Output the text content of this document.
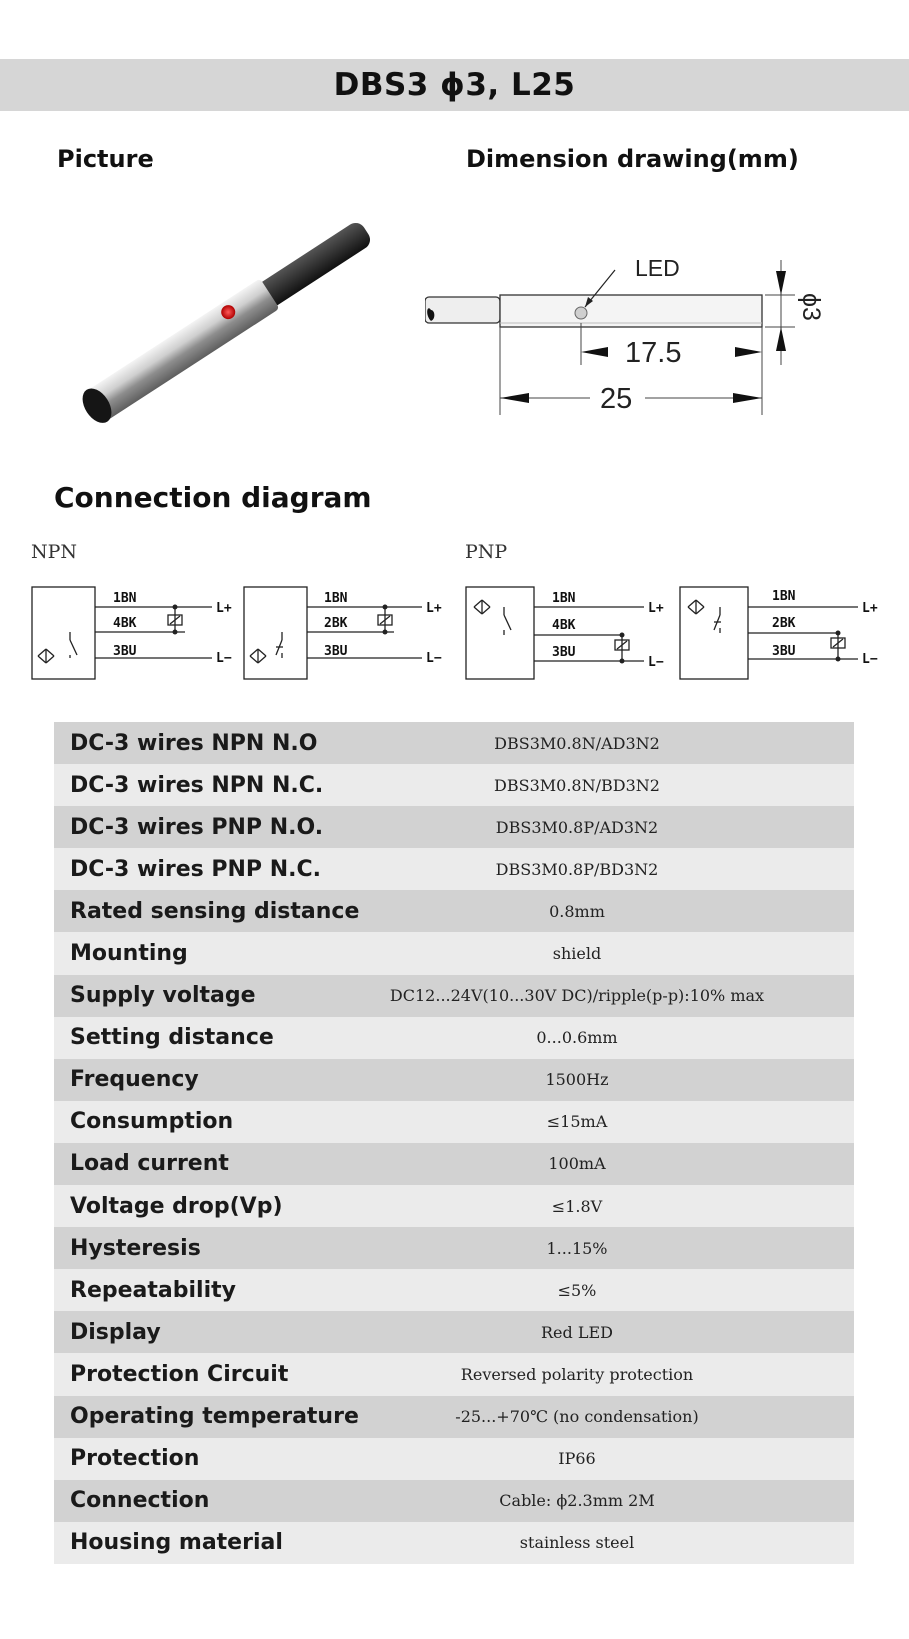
DBS3 ϕ3, L25
Picture	Dimension drawing(mm)
LED
17.5
25
ϕ3
Connection diagram
NPN	PNP
1BN
4BK
3BU
L+
L−
1BN
2BK
3BU
L+
L−
1BN
4BK
3BU
L+
L−
1BN
2BK
3BU
L+
L−
DC-3 wires NPN N.O	DBS3M0.8N/AD3N2
DC-3 wires NPN N.C.	DBS3M0.8N/BD3N2
DC-3 wires PNP N.O.	DBS3M0.8P/AD3N2
DC-3 wires PNP N.C.	DBS3M0.8P/BD3N2
Rated sensing distance	0.8mm
Mounting	shield
Supply voltage	DC12...24V(10...30V DC)/ripple(p-p):10% max
Setting distance	0...0.6mm
Frequency	1500Hz
Consumption	≤15mA
Load current	100mA
Voltage drop(Vp)	≤1.8V
Hysteresis	1...15%
Repeatability	≤5%
Display	Red LED
Protection Circuit	Reversed polarity protection
Operating temperature	-25...+70℃ (no condensation)
Protection	IP66
Connection	Cable: ϕ2.3mm 2M
Housing material	stainless steel
